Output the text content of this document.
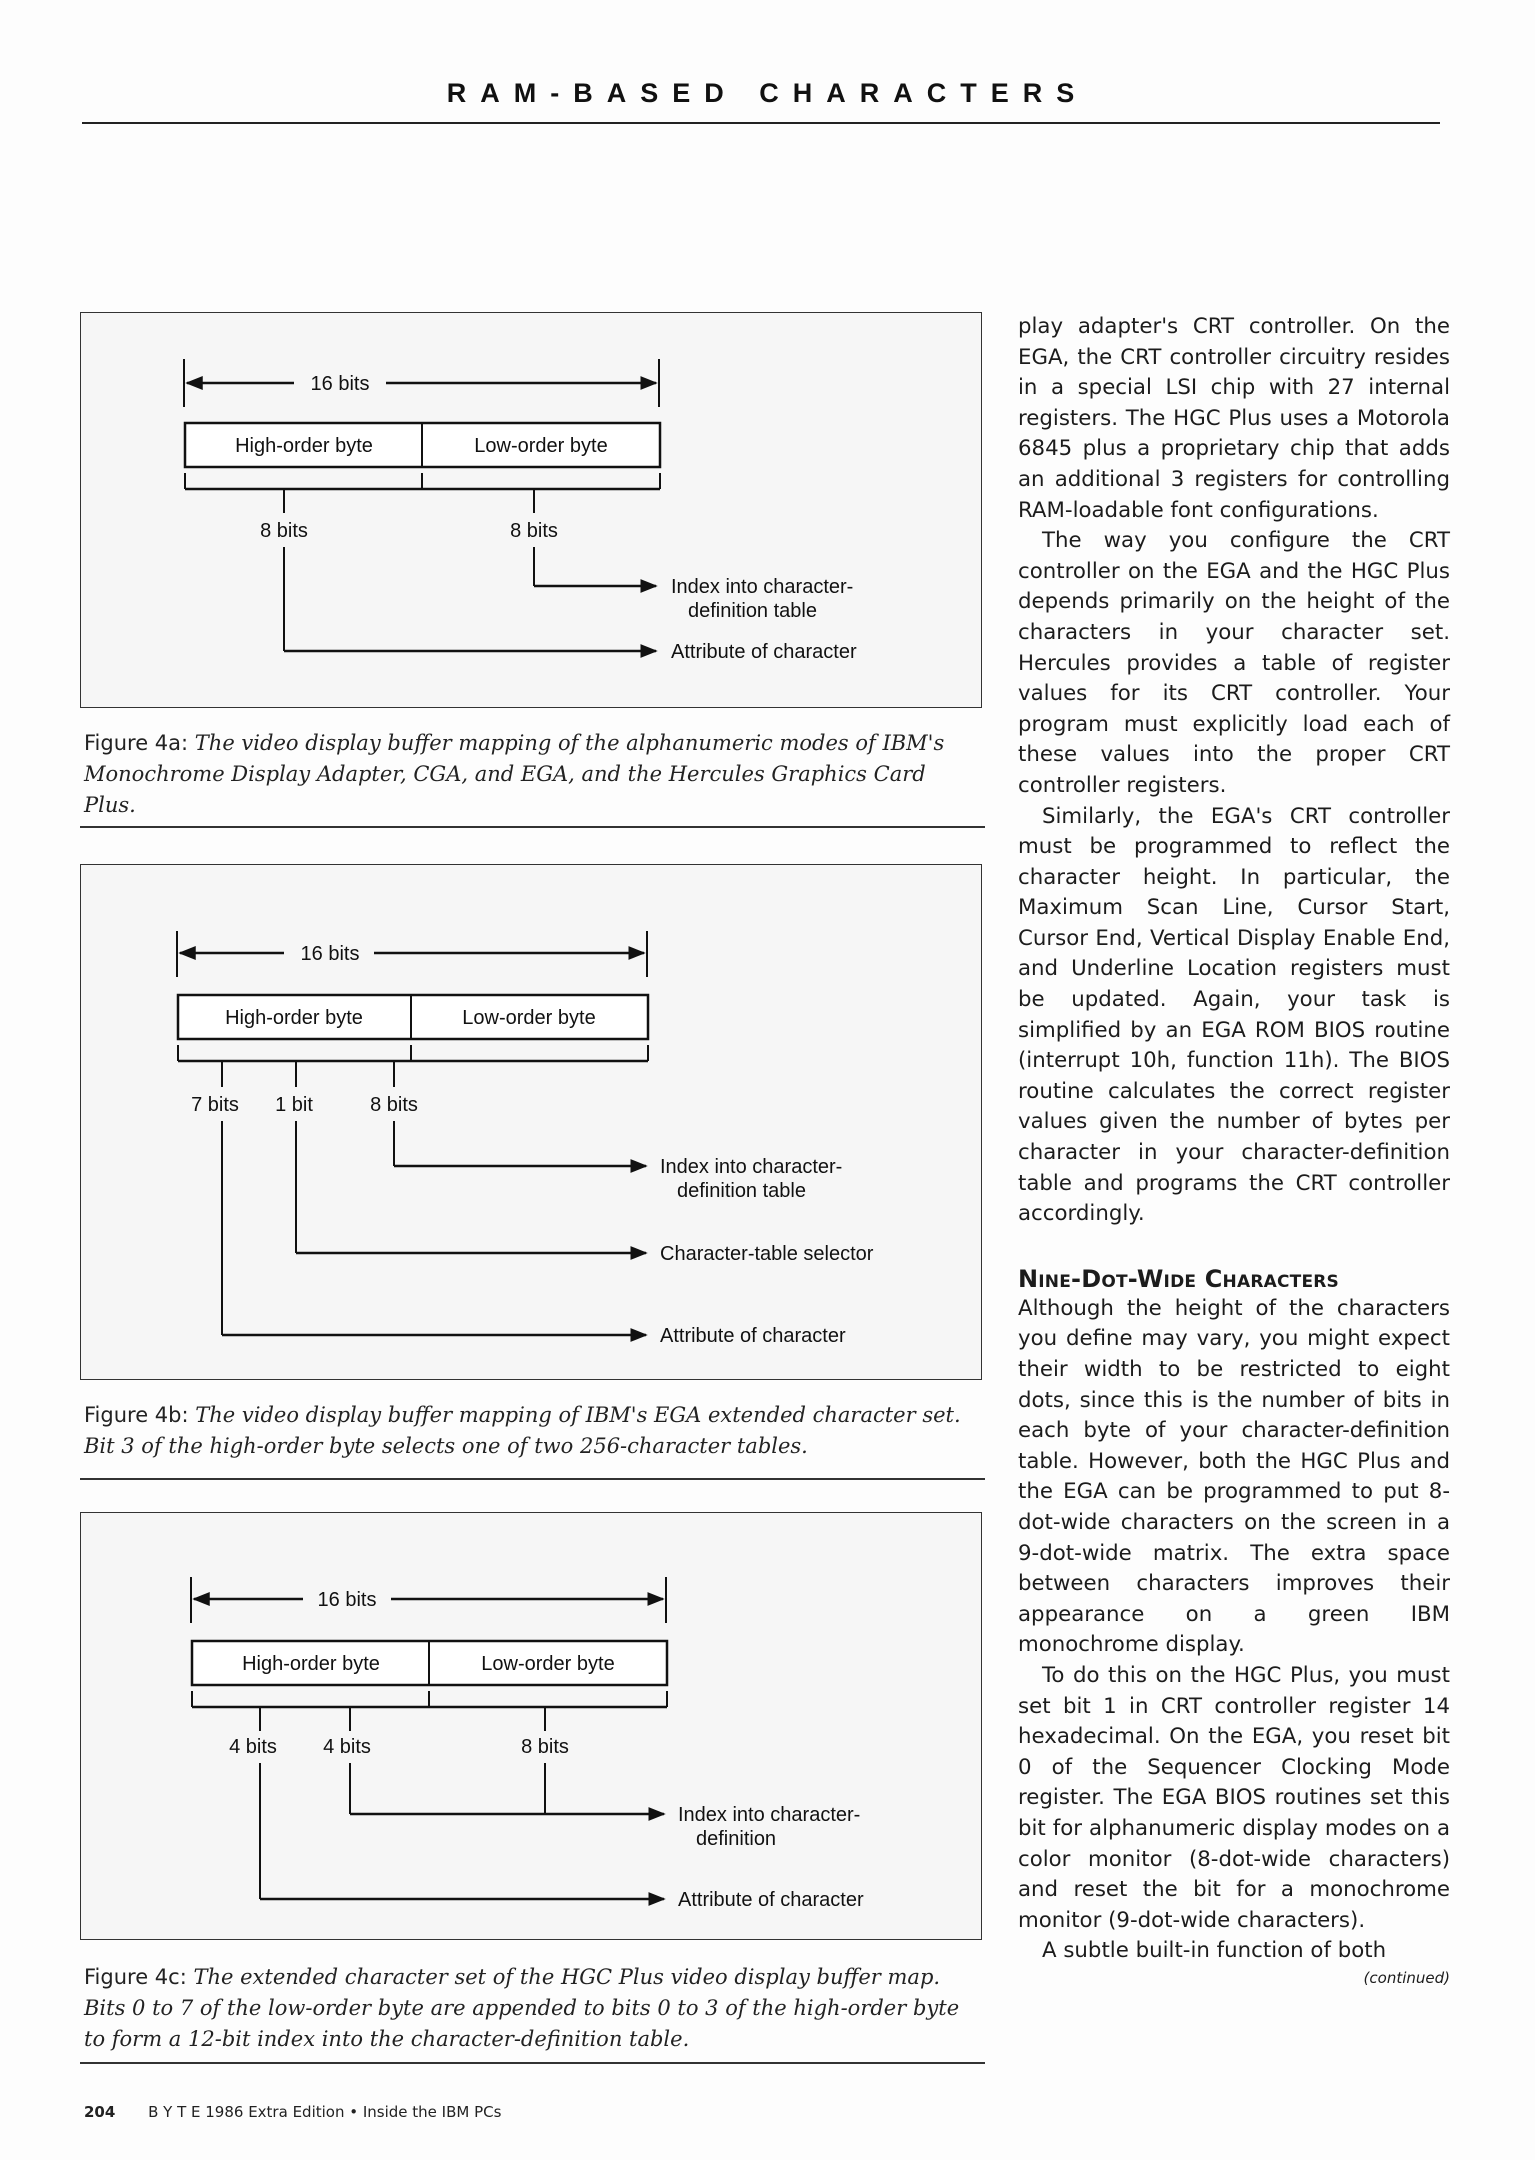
RAM-BASED CHARACTERS
16 bits
High-order byte	Low-order byte
8 bits
Attribute of character
8 bits
Index into character-
definition table
Figure 4a: The video display buffer mapping of the alphanumeric modes of IBM's Monochrome Display Adapter, CGA, and EGA, and the Hercules Graphics Card Plus.
16 bits
High-order byte	Low-order byte
7 bits
Attribute of character
1 bit
Character-table selector
8 bits
Index into character-
definition table
Figure 4b: The video display buffer mapping of IBM's EGA extended character set. Bit 3 of the high-order byte selects one of two 256-character tables.
16 bits
High-order byte	Low-order byte
4 bits
Attribute of character
4 bits	8 bits
Index into character-
definition
Figure 4c: The extended character set of the HGC Plus video display buffer map. Bits 0 to 7 of the low-order byte are appended to bits 0 to 3 of the high-order byte to form a 12-bit index into the character-definition table.

play adapter's CRT controller. On the EGA, the CRT controller circuitry resides in a special LSI chip with 27 internal registers. The HGC Plus uses a Motorola 6845 plus a proprietary chip that adds an additional 3 registers for controlling RAM-loadable font configurations.

The way you configure the CRT controller on the EGA and the HGC Plus depends primarily on the height of the characters in your character set. Hercules provides a table of register values for its CRT controller. Your program must explicitly load each of these values into the proper CRT controller registers.

Similarly, the EGA's CRT controller must be programmed to reflect the character height. In particular, the Maximum Scan Line, Cursor Start, Cursor End, Vertical Display Enable End, and Underline Location registers must be updated. Again, your task is simplified by an EGA ROM BIOS routine (interrupt 10h, function 11h). The BIOS routine calculates the correct register values given the number of bytes per character in your character-definition table and programs the CRT controller accordingly.

Nine-Dot-Wide Characters

Although the height of the characters you define may vary, you might expect their width to be restricted to eight dots, since this is the number of bits in each byte of your character-definition table. However, both the HGC Plus and the EGA can be programmed to put 8-dot-wide characters on the screen in a 9-dot-wide matrix. The extra space between characters improves their appearance on a green IBM monochrome display.

To do this on the HGC Plus, you must set bit 1 in CRT controller register 14 hexadecimal. On the EGA, you reset bit 0 of the Sequencer Clocking Mode register. The EGA BIOS routines set this bit for alphanumeric display modes on a color monitor (8-dot-wide characters) and reset the bit for a monochrome monitor (9-dot-wide characters).

A subtle built-in function of both

(continued)
204 B Y T E 1986 Extra Edition • Inside the IBM PCs
